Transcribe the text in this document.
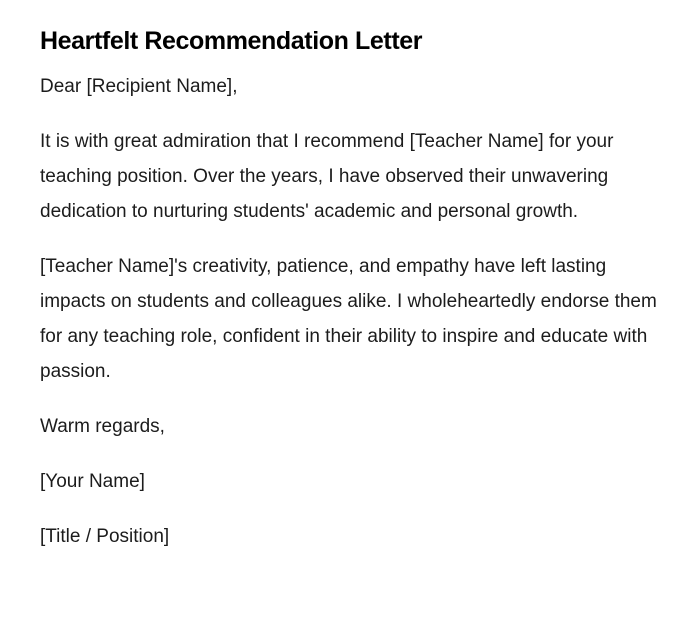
Heartfelt Recommendation Letter

Dear [Recipient Name],

It is with great admiration that I recommend [Teacher Name] for your teaching position. Over the years, I have observed their unwavering dedication to nurturing students' academic and personal growth.

[Teacher Name]'s creativity, patience, and empathy have left lasting impacts on students and colleagues alike. I wholeheartedly endorse them for any teaching role, confident in their ability to inspire and educate with passion.

Warm regards,

[Your Name]

[Title / Position]
